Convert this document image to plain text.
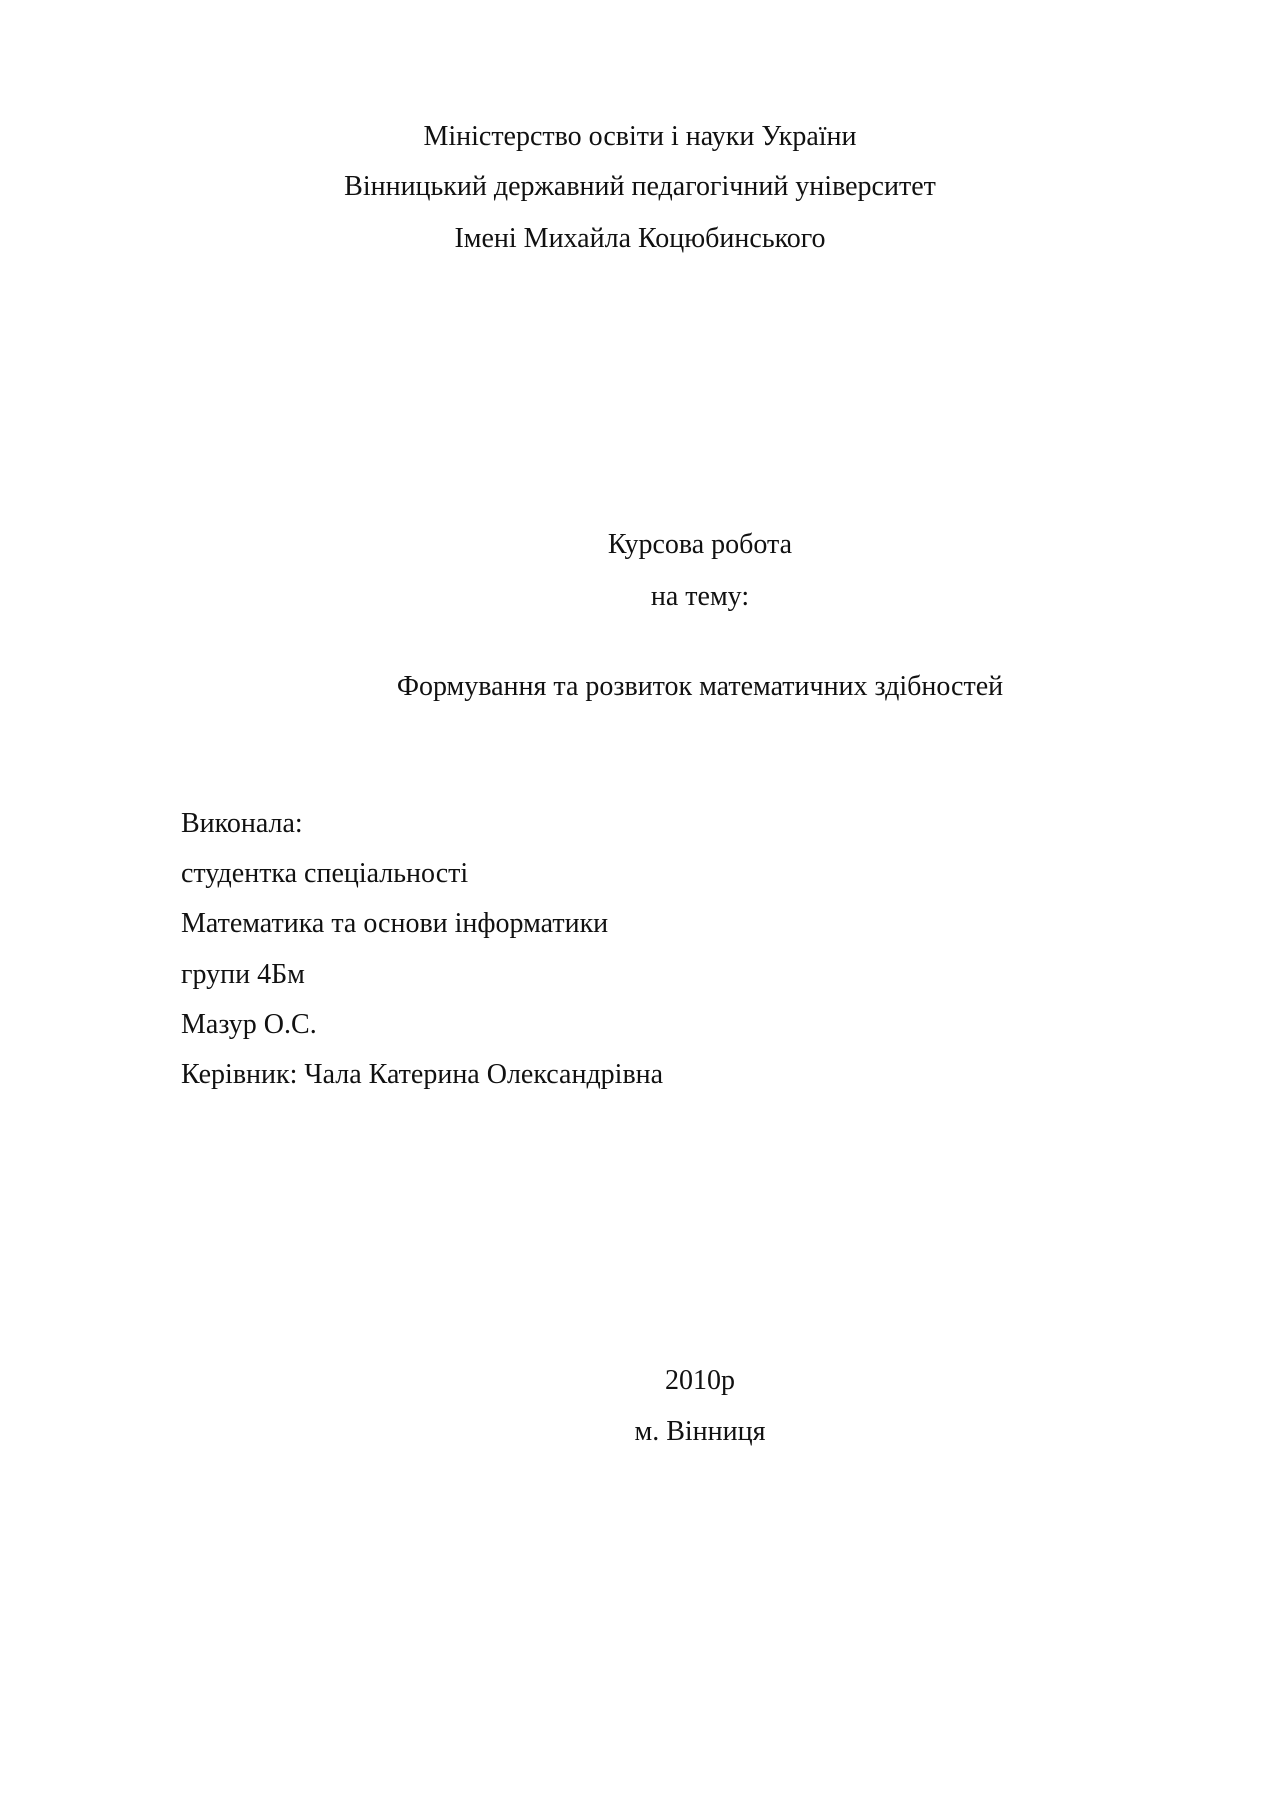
Міністерство освіти і науки України
Вінницький державний педагогічний університет
Імені Михайла Коцюбинського
Курсова робота
на тему:
Формування та розвиток математичних здібностей
Виконала:
студентка спеціальності
Математика та основи інформатики
групи 4Бм
Мазур О.С.
Керівник: Чала Катерина Олександрівна
2010р
м. Вінниця
